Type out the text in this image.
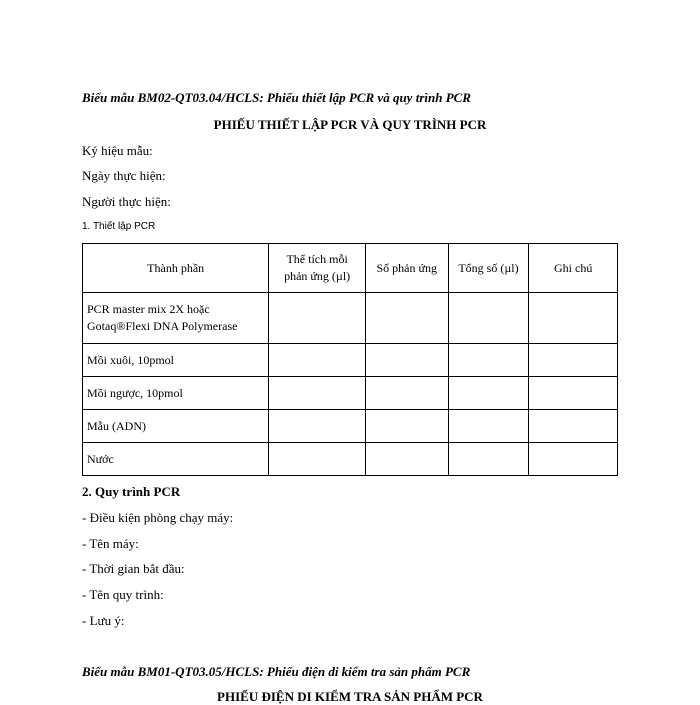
Biểu mẫu BM02-QT03.04/HCLS: Phiếu thiết lập PCR và quy trình PCR
PHIẾU THIẾT LẬP PCR VÀ QUY TRÌNH PCR
Ký hiệu mẫu:
Ngày thực hiện:
Người thực hiện:
1. Thiết lập PCR
Thành phần	Thể tích mỗi phản ứng (µl)	Số phản ứng	Tổng số (µl)	Ghi chú
PCR master mix 2X hoặc Gotaq®Flexi DNA Polymerase				
Mồi xuôi, 10pmol				
Mồi ngược, 10pmol				
Mẫu (ADN)				
Nước				
2. Quy trình PCR
- Điều kiện phòng chạy máy:
- Tên máy:
- Thời gian bắt đầu:
- Tên quy trình:
- Lưu ý:
Biểu mẫu BM01-QT03.05/HCLS: Phiếu điện di kiểm tra sản phẩm PCR
PHIẾU ĐIỆN DI KIỂM TRA SẢN PHẨM PCR
